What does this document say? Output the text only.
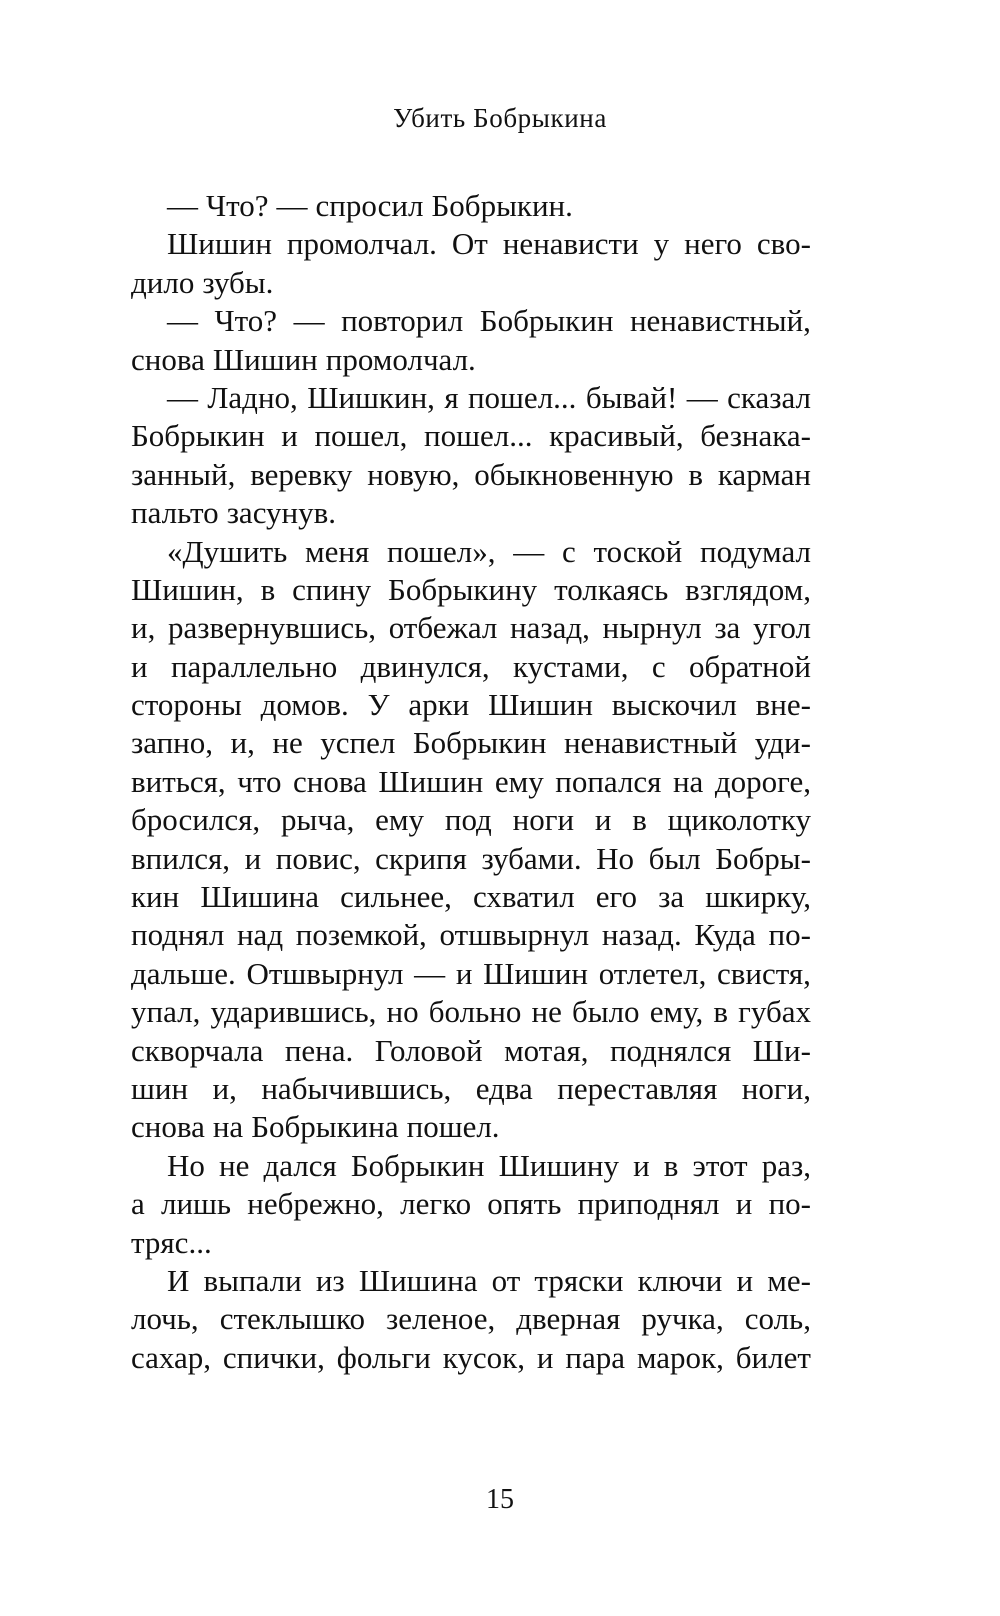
Убить Бобрыкина
— Что? — спросил Бобрыкин.
Шишин промолчал. От ненависти у него сво-
дило зубы.
— Что? — повторил Бобрыкин ненавистный,
снова Шишин промолчал.
— Ладно, Шишкин, я пошел... бывай! — сказал
Бобрыкин и пошел, пошел... красивый, безнака-
занный, веревку новую, обыкновенную в карман
пальто засунув.
«Душить меня пошел», — с тоской подумал
Шишин, в спину Бобрыкину толкаясь взглядом,
и, развернувшись, отбежал назад, нырнул за угол
и параллельно двинулся, кустами, с обратной
стороны домов. У арки Шишин выскочил вне-
запно, и, не успел Бобрыкин ненавистный уди-
виться, что снова Шишин ему попался на дороге,
бросился, рыча, ему под ноги и в щиколотку
впился, и повис, скрипя зубами. Но был Бобры-
кин Шишина сильнее, схватил его за шкирку,
поднял над поземкой, отшвырнул назад. Куда по-
дальше. Отшвырнул — и Шишин отлетел, свистя,
упал, ударившись, но больно не было ему, в губах
скворчала пена. Головой мотая, поднялся Ши-
шин и, набычившись, едва переставляя ноги,
снова на Бобрыкина пошел.
Но не дался Бобрыкин Шишину и в этот раз,
а лишь небрежно, легко опять приподнял и по-
тряс...
И выпали из Шишина от тряски ключи и ме-
лочь, стеклышко зеленое, дверная ручка, соль,
сахар, спички, фольги кусок, и пара марок, билет
15
